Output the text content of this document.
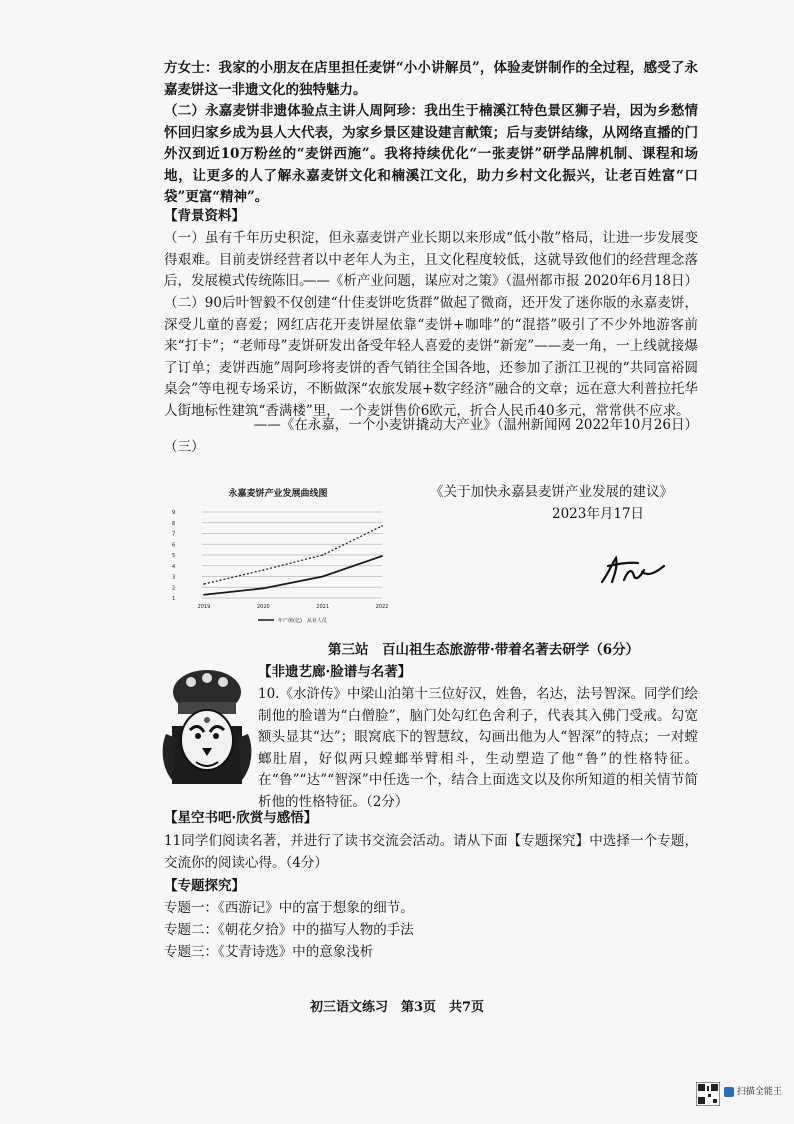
方女士：我家的小朋友在店里担任麦饼“小小讲解员”，体验麦饼制作的全过程，感受了永嘉麦饼这一非遗文化的独特魅力。

（二）永嘉麦饼非遗体验点主讲人周阿珍：我出生于楠溪江特色景区狮子岩，因为乡愁情怀回归家乡成为县人大代表，为家乡景区建设建言献策；后与麦饼结缘，从网络直播的门外汉到近10万粉丝的“麦饼西施”。我将持续优化“一张麦饼”研学品牌机制、课程和场地，让更多的人了解永嘉麦饼文化和楠溪江文化，助力乡村文化振兴，让老百姓富“口袋”更富“精神”。

【背景资料】

（一）虽有千年历史积淀，但永嘉麦饼产业长期以来形成“低小散”格局，让进一步发展变得艰难。目前麦饼经营者以中老年人为主，且文化程度较低，这就导致他们的经营理念落后，发展模式传统陈旧。

——《析产业问题，谋应对之策》（温州都市报 2020年6月18日）

（二）90后叶智毅不仅创建“什佳麦饼吃货群”做起了微商，还开发了迷你版的永嘉麦饼，深受儿童的喜爱；网红店花开麦饼屋依靠“麦饼+咖啡”的“混搭”吸引了不少外地游客前来“打卡”；“老师母”麦饼研发出备受年轻人喜爱的麦饼“新宠”——麦一角，一上线就接爆了订单；麦饼西施”周阿珍将麦饼的香气销往全国各地，还参加了浙江卫视的“共同富裕圆桌会”等电视专场采访，不断做深“农旅发展+数字经济”融合的文章；远在意大利普拉托华人街地标性建筑“香满楼”里，一个麦饼售价6欧元，折合人民币40多元，常常供不应求。

——《在永嘉，一个小麦饼撬动大产业》（温州新闻网 2022年10月26日）

（三）

永嘉麦饼产业发展曲线图
1
2
3
4
5
6
7
8
9
2019	2020	2021	2022
年产值(亿)　从业人员
《关于加快永嘉县麦饼产业发展的建议》
2023年月17日

第三站　百山祖生态旅游带·带着名著去研学（6分）

【非遗艺廊·脸谱与名著】

10.《水浒传》中梁山泊第十三位好汉，姓鲁，名达，法号智深。同学们绘制他的脸谱为“白僧脸”，脑门处勾红色舍利子，代表其入佛门受戒。勾宽额头显其“达”；眼窝底下的智慧纹，勾画出他为人“智深”的特点；一对螳螂肚眉，好似两只螳螂举臂相斗，生动塑造了他“鲁”的性格特征。在“鲁”“达”“智深”中任选一个，结合上面选文以及你所知道的相关情节简析他的性格特征。（2分）

【星空书吧·欣赏与感悟】

11同学们阅读名著，并进行了读书交流会活动。请从下面【专题探究】中选择一个专题，交流你的阅读心得。（4分）

【专题探究】

专题一：《西游记》中的富于想象的细节。

专题二：《朝花夕拾》中的描写人物的手法

专题三：《艾青诗选》中的意象浅析

初三语文练习　第3页　共7页
扫描全能王
